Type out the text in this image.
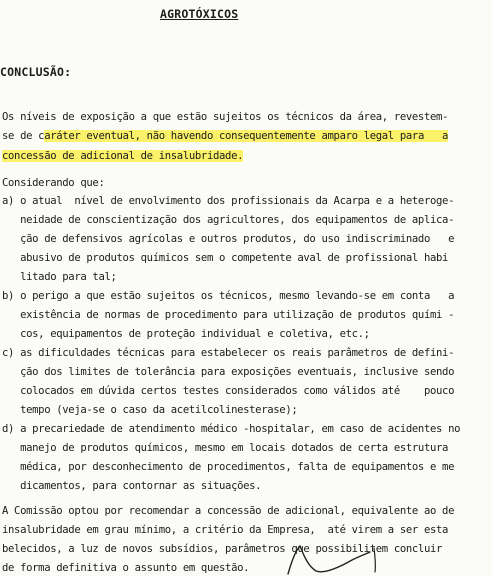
AGROTÓXICOS
CONCLUSÃO:
Os níveis de exposição a que estão sujeitos os técnicos da área, revestem-
se de caráter eventual, não havendo consequentemente amparo legal para   a
concessão de adicional de insalubridade.
Considerando que:
a) o atual  nível de envolvimento dos profissionais da Acarpa e a heteroge-
neidade de conscientização dos agricultores, dos equipamentos de aplica-
ção de defensivos agrícolas e outros produtos, do uso indiscriminado   e
abusivo de produtos químicos sem o competente aval de profissional habi
litado para tal;
b) o perigo a que estão sujeitos os técnicos, mesmo levando-se em conta   a
existência de normas de procedimento para utilização de produtos quími -
cos, equipamentos de proteção individual e coletiva, etc.;
c) as dificuldades técnicas para estabelecer os reais parâmetros de defini-
ção dos limites de tolerância para exposições eventuais, inclusive sendo
colocados em dúvida certos testes considerados como válidos até    pouco
tempo (veja-se o caso da acetilcolinesterase);
d) a precariedade de atendimento médico -hospitalar, em caso de acidentes no
manejo de produtos químicos, mesmo em locais dotados de certa estrutura
médica, por desconhecimento de procedimentos, falta de equipamentos e me
dicamentos, para contornar as situações.
A Comissão optou por recomendar a concessão de adicional, equivalente ao de
insalubridade em grau mínimo, a critério da Empresa,  até virem a ser esta
belecidos, a luz de novos subsídios, parâmetros que possibilitem concluir
de forma definitiva o assunto em questão.
